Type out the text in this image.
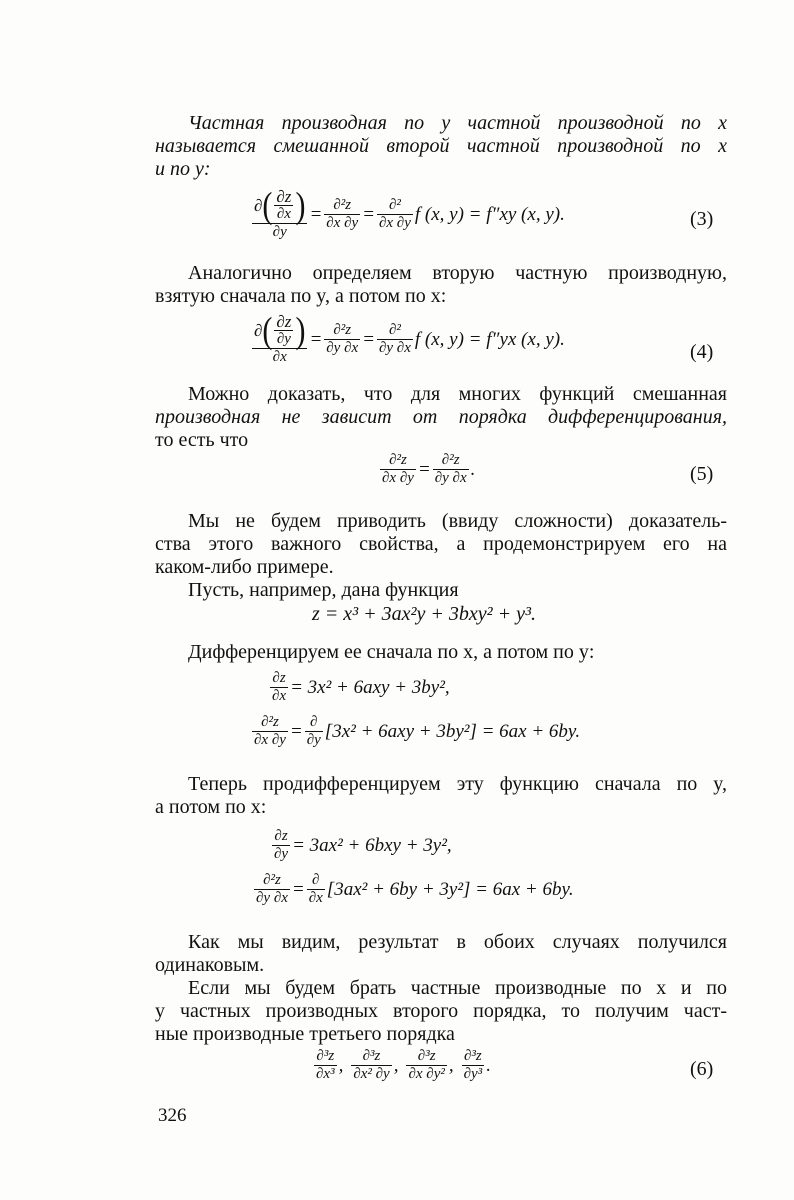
Частная производная по y частной производной по x
называется смешанной второй частной производной по x
и по y:
$\frac{\partial ( \frac{\partial z}{\partial x} )}{\partial y} = \frac{\text{∂²z}}{\partial x \partial y} = \frac{\text{∂²}}{\partial x \partial y}$ f (x, y) = f″xy (x, y).	(3)
Аналогично определяем вторую частную производную,
взятую сначала по y, а потом по x:
$\frac{\partial ( \frac{\partial z}{\partial y} )}{\partial x} = \frac{\text{∂²z}}{\partial y \partial x} = \frac{\text{∂²}}{\partial y \partial x}$ f (x, y) = f″yx (x, y).
(4)
Можно доказать, что для многих функций смешанная
производная не зависит от порядка дифференцирования,
то есть что
$\frac{\text{∂²z}}{\partial x \partial y} = \frac{\text{∂²z}}{\partial y \partial x}$ .	(5)
Мы не будем приводить (ввиду сложности) доказатель-
ства этого важного свойства, а продемонстрируем его на
каком-либо примере.
Пусть, например, дана функция
z = x³ + 3ax²y + 3bxy² + y³.
Дифференцируем ее сначала по x, а потом по y:
$\frac{\partial z}{\partial x} = 3x^2 + 6axy + 3by^2$,
$\frac{\text{∂²z}}{\partial x \partial y} = \frac{\partial}{\partial y} [3x^2 + 6axy + 3by^2] = 6ax + 6by$.
Теперь продифференцируем эту функцию сначала по y,
а потом по x:
$\frac{\partial z}{\partial y} = 3ax^2 + 6bxy + 3y^2$,
$\frac{\text{∂²z}}{\partial y \partial x} = \frac{\partial}{\partial x} [3ax^2 + 6by + 3y^2] = 6ax + 6by$.
Как мы видим, результат в обоих случаях получился
одинаковым.
Если мы будем брать частные производные по x и по
y частных производных второго порядка, то получим част-
ные производные третьего порядка
$\frac{\text{∂³z}}{\text{∂x³}}$ , $\frac{\text{∂³z}}{\text{∂x² ∂y}}$ , $\frac{\text{∂³z}}{\text{∂x ∂y²}}$ , $\frac{\text{∂³z}}{\text{∂y³}}$ .	(6)
326
